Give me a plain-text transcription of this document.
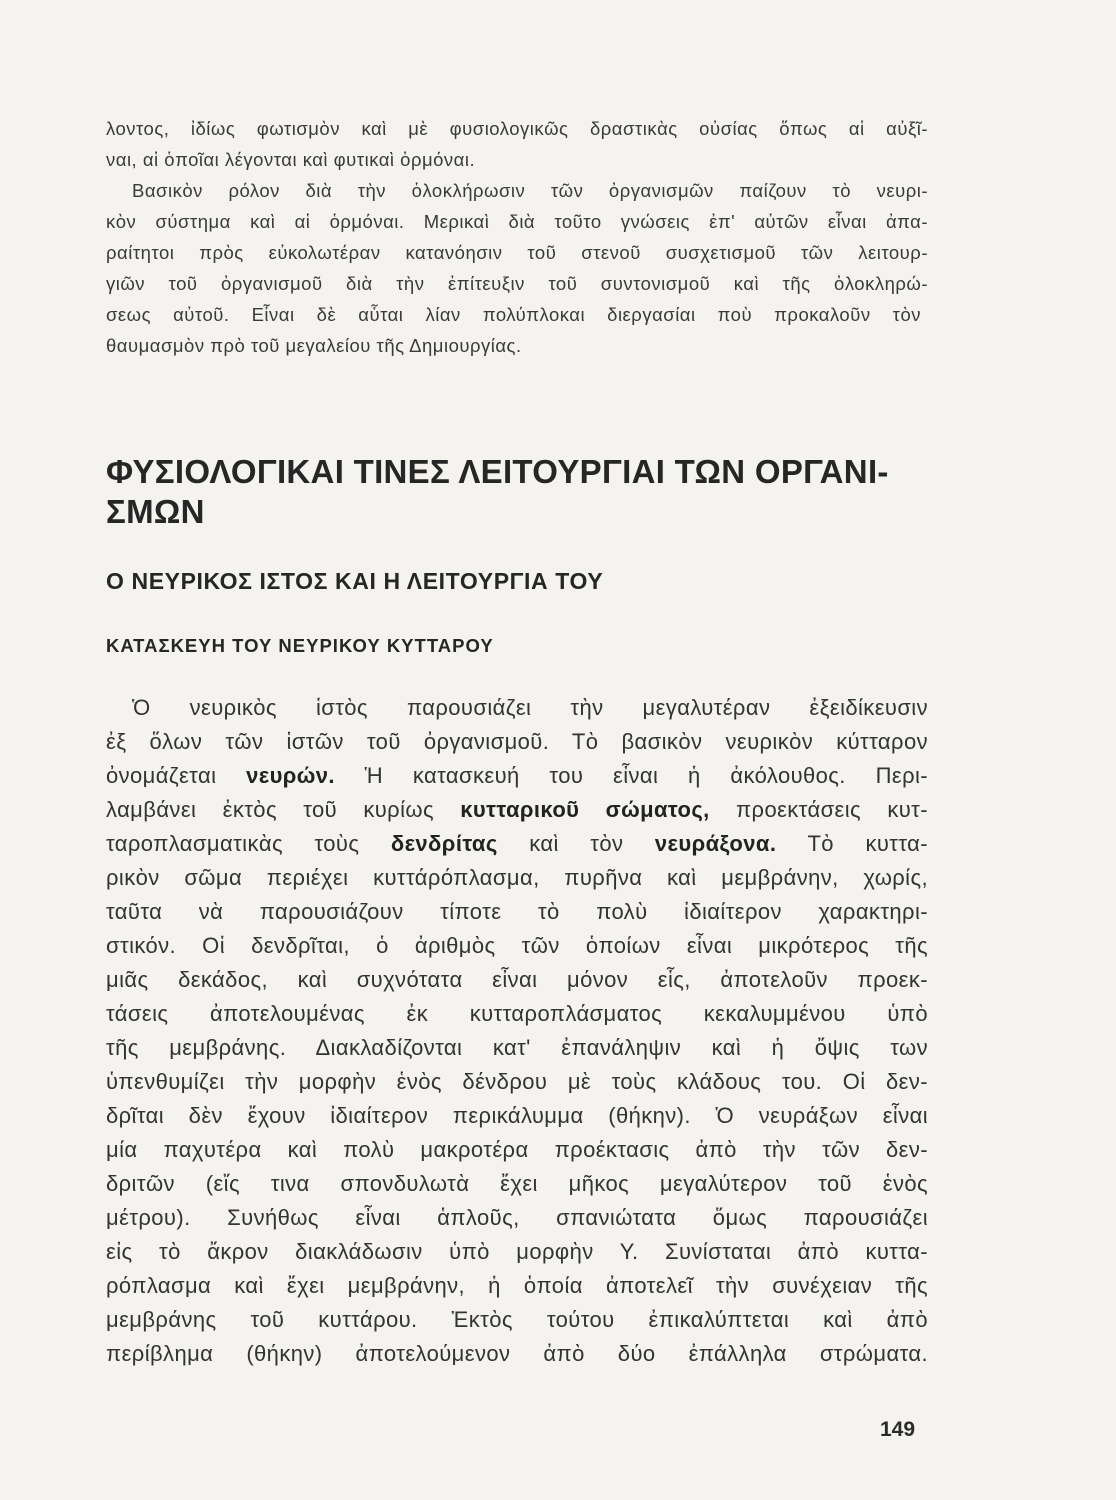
λοντος, ἰδίως φωτισμὸν καὶ μὲ φυσιολογικῶς δραστικὰς οὐσίας ὅπως αἱ αὐξῖ-
ναι, αἱ ὁποῖαι λέγονται καὶ φυτικαὶ ὁρμόναι.
Βασικὸν ρόλον διὰ τὴν ὁλοκλήρωσιν τῶν ὀργανισμῶν παίζουν τὸ νευρι-
κὸν σύστημα καὶ αἱ ὁρμόναι. Μερικαὶ διὰ τοῦτο γνώσεις ἐπ' αὐτῶν εἶναι ἀπα-
ραίτητοι πρὸς εὐκολωτέραν κατανόησιν τοῦ στενοῦ συσχετισμοῦ τῶν λειτουρ-
γιῶν τοῦ ὀργανισμοῦ διὰ τὴν ἐπίτευξιν τοῦ συντονισμοῦ καὶ τῆς ὁλοκληρώ-
σεως αὐτοῦ. Εἶναι δὲ αὗται λίαν πολύπλοκαι διεργασίαι ποὺ προκαλοῦν τὸν
θαυμασμὸν πρὸ τοῦ μεγαλείου τῆς Δημιουργίας.
ΦΥΣΙΟΛΟΓΙΚΑΙ ΤΙΝΕΣ ΛΕΙΤΟΥΡΓΙΑΙ ΤΩΝ ΟΡΓΑΝΙ-
ΣΜΩΝ
Ο ΝΕΥΡΙΚΟΣ ΙΣΤΟΣ ΚΑΙ Η ΛΕΙΤΟΥΡΓΙΑ ΤΟΥ
ΚΑΤΑΣΚΕΥΗ ΤΟΥ ΝΕΥΡΙΚΟΥ ΚΥΤΤΑΡΟΥ
Ὁ νευρικὸς ἱστὸς παρουσιάζει τὴν μεγαλυτέραν ἐξειδίκευσιν
ἐξ ὅλων τῶν ἱστῶν τοῦ ὀργανισμοῦ. Τὸ βασικὸν νευρικὸν κύτταρον
ὀνομάζεται νευρών. Ἡ κατασκευή του εἶναι ἡ ἀκόλουθος. Περι-
λαμβάνει ἐκτὸς τοῦ κυρίως κυτταρικοῦ σώματος, προεκτάσεις κυτ-
ταροπλασματικὰς τοὺς δενδρίτας καὶ τὸν νευράξονα. Τὸ κυττα-
ρικὸν σῶμα περιέχει κυττάρόπλασμα, πυρῆνα καὶ μεμβράνην, χωρίς,
ταῦτα νὰ παρουσιάζουν τίποτε τὸ πολὺ ἰδιαίτερον χαρακτηρι-
στικόν. Οἱ δενδρῖται, ὁ ἀριθμὸς τῶν ὁποίων εἶναι μικρότερος τῆς
μιᾶς δεκάδος, καὶ συχνότατα εἶναι μόνον εἷς, ἀποτελοῦν προεκ-
τάσεις ἀποτελουμένας ἐκ κυτταροπλάσματος κεκαλυμμένου ὑπὸ
τῆς μεμβράνης. Διακλαδίζονται κατ' ἐπανάληψιν καὶ ἡ ὄψις των
ὑπενθυμίζει τὴν μορφὴν ἑνὸς δένδρου μὲ τοὺς κλάδους του. Οἱ δεν-
δρῖται δὲν ἔχουν ἰδιαίτερον περικάλυμμα (θήκην). Ὁ νευράξων εἶναι
μία παχυτέρα καὶ πολὺ μακροτέρα προέκτασις ἀπὸ τὴν τῶν δεν-
δριτῶν (εἴς τινα σπονδυλωτὰ ἔχει μῆκος μεγαλύτερον τοῦ ἑνὸς
μέτρου). Συνήθως εἶναι ἁπλοῦς, σπανιώτατα ὅμως παρουσιάζει
εἰς τὸ ἄκρον διακλάδωσιν ὑπὸ μορφὴν Υ. Συνίσταται ἀπὸ κυττα-
ρόπλασμα καὶ ἔχει μεμβράνην, ἡ ὁποία ἀποτελεῖ τὴν συνέχειαν τῆς
μεμβράνης τοῦ κυττάρου. Ἐκτὸς τούτου ἐπικαλύπτεται καὶ ἀπὸ
περίβλημα (θήκην) ἀποτελούμενον ἀπὸ δύο ἐπάλληλα στρώματα.
149
